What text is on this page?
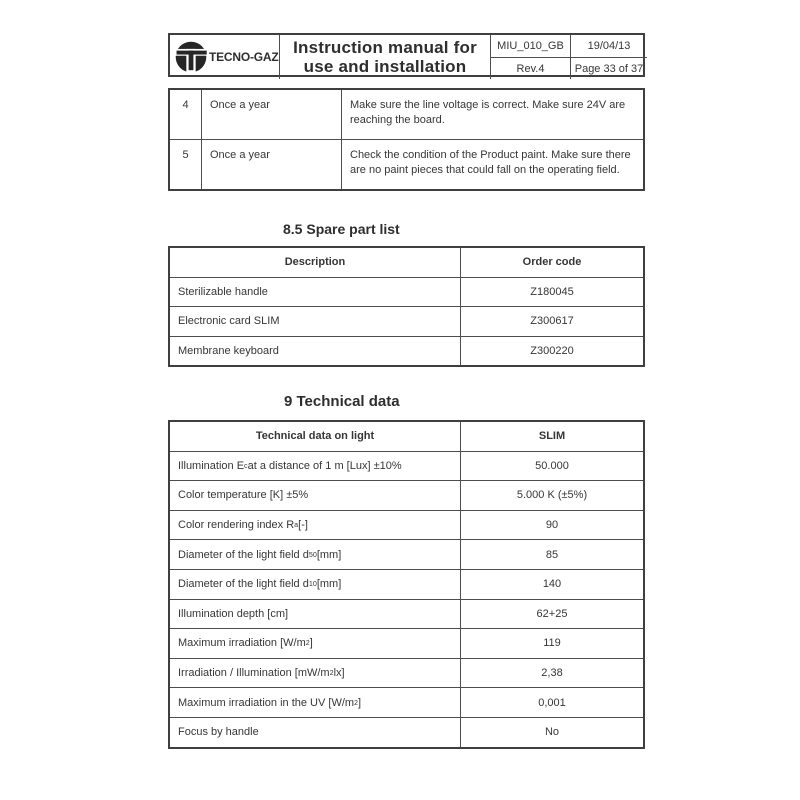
TECNO-GAZ Instruction manual for
use and installation
MIU_010_GB	19/04/13
Rev.4	Page 33 of 37
4	Once a year	Make sure the line voltage is correct. Make sure 24V are reaching the board.
5	Once a year	Check the condition of the Product paint. Make sure there are no paint pieces that could fall on the operating field.
8.5 Spare part list
Description	Order code
Sterilizable handle	Z180045
Electronic card SLIM	Z300617
Membrane keyboard	Z300220
9 Technical data
Technical data on light	SLIM
Illumination E c at a distance of 1 m [Lux] ±10%	50.000
Color temperature [K] ±5%	5.000 K (±5%)
Color rendering index R a [-]	90
Diameter of the light field d 50 [mm]	85
Diameter of the light field d 10 [mm]	140
Illumination depth [cm]	62+25
Maximum irradiation [W/m 2 ]	119
Irradiation / Illumination [mW/m 2 lx]	2,38
Maximum irradiation in the UV [W/m 2 ]	0,001
Focus by handle	No
